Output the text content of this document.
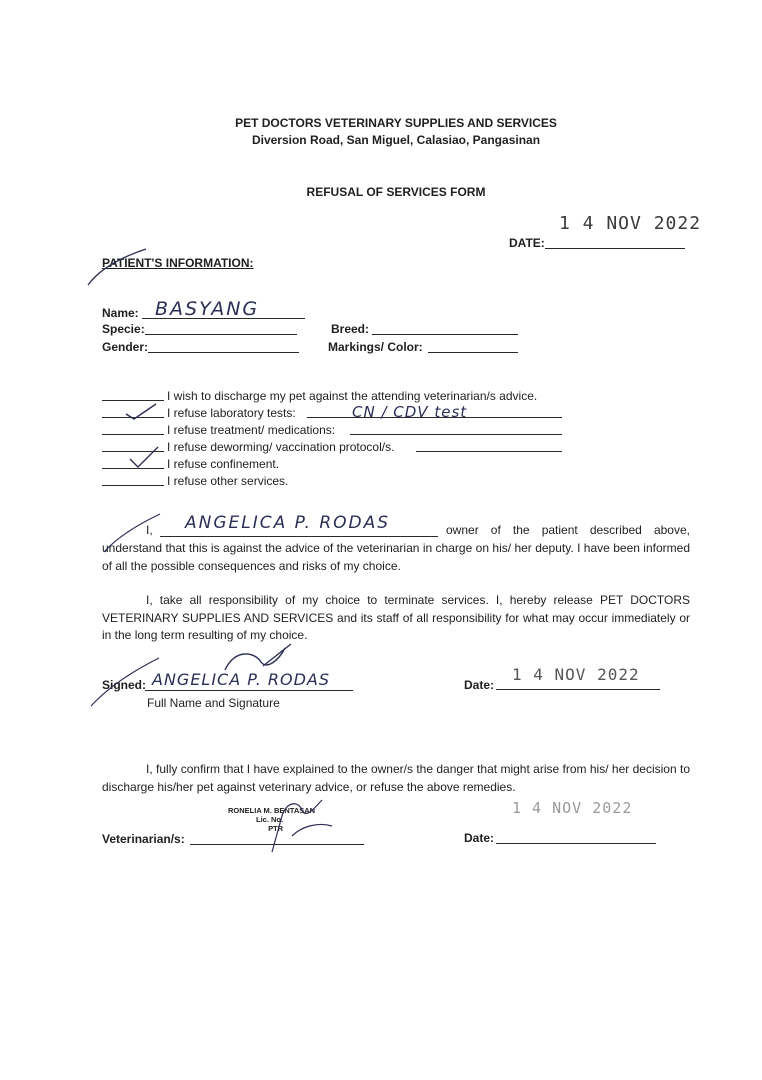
PET DOCTORS VETERINARY SUPPLIES AND SERVICES
Diversion Road, San Miguel, Calasiao, Pangasinan
REFUSAL OF SERVICES FORM
1 4 NOV 2022
DATE:
PATIENT'S INFORMATION:
Name: BASYANG
Specie:	Breed:
Gender:	Markings/ Color:
I wish to discharge my pet against the attending veterinarian/s advice.
I refuse laboratory tests:	CN / CDV test
I refuse treatment/ medications:
I refuse deworming/ vaccination protocol/s.
I refuse confinement.
I refuse other services.
I, ANGELICA P. RODAS	owner of the patient described above,
understand that this is against the advice of the veterinarian in charge on his/ her deputy. I have been informed of all the possible consequences and risks of my choice.
I, take all responsibility of my choice to terminate services. I, hereby release PET DOCTORS VETERINARY SUPPLIES AND SERVICES and its staff of all responsibility for what may occur immediately or in the long term resulting of my choice.
Signed: ANGELICA P. RODAS
Full Name and Signature
Date:
1 4 NOV 2022
I, fully confirm that I have explained to the owner/s the danger that might arise from his/ her decision to discharge his/her pet against veterinary advice, or refuse the above remedies.
RONELIA M. BENTASAN
Lic. No.
PTR
Veterinarian/s:	Date:
1 4 NOV 2022
